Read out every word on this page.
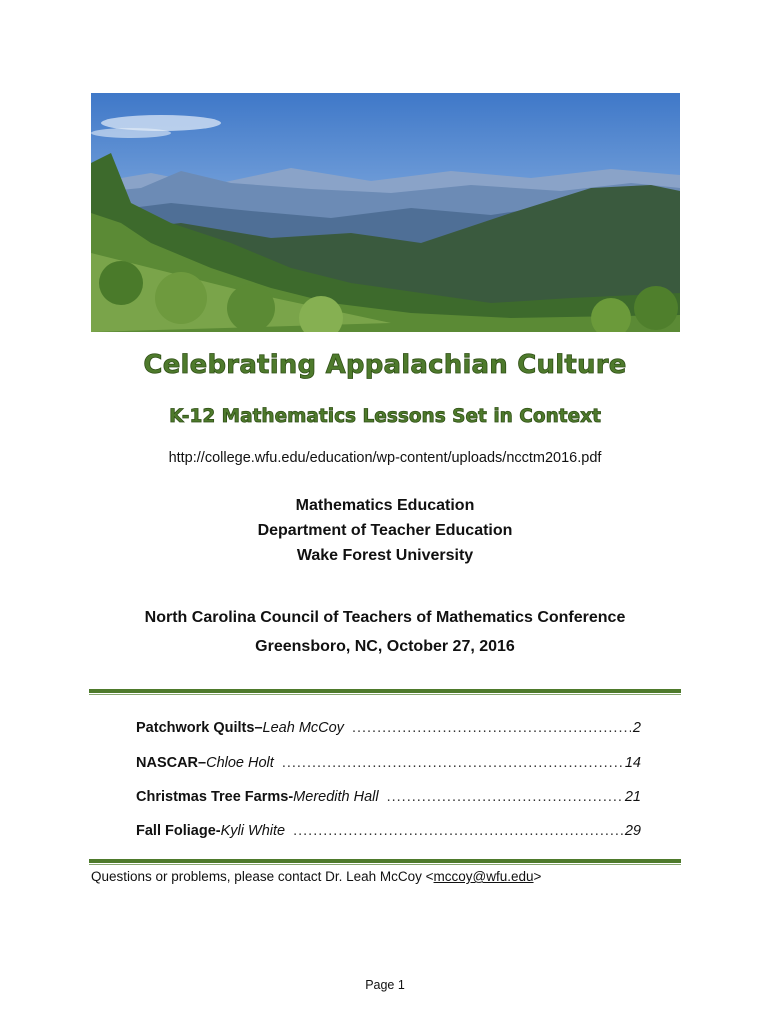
Celebrating Appalachian Culture
K-12 Mathematics Lessons Set in Context
http://college.wfu.edu/education/wp-content/uploads/ncctm2016.pdf
Mathematics Education
Department of Teacher Education
Wake Forest University
North Carolina Council of Teachers of Mathematics Conference
Greensboro, NC, October 27, 2016
Patchwork Quilts – Leah McCoy .....	2
NASCAR – Chloe Holt .....	14
Christmas Tree Farms - Meredith Hall .....	21
Fall Foliage - Kyli White .....	29
Questions or problems, please contact Dr. Leah McCoy <mccoy@wfu.edu>
Page 1
